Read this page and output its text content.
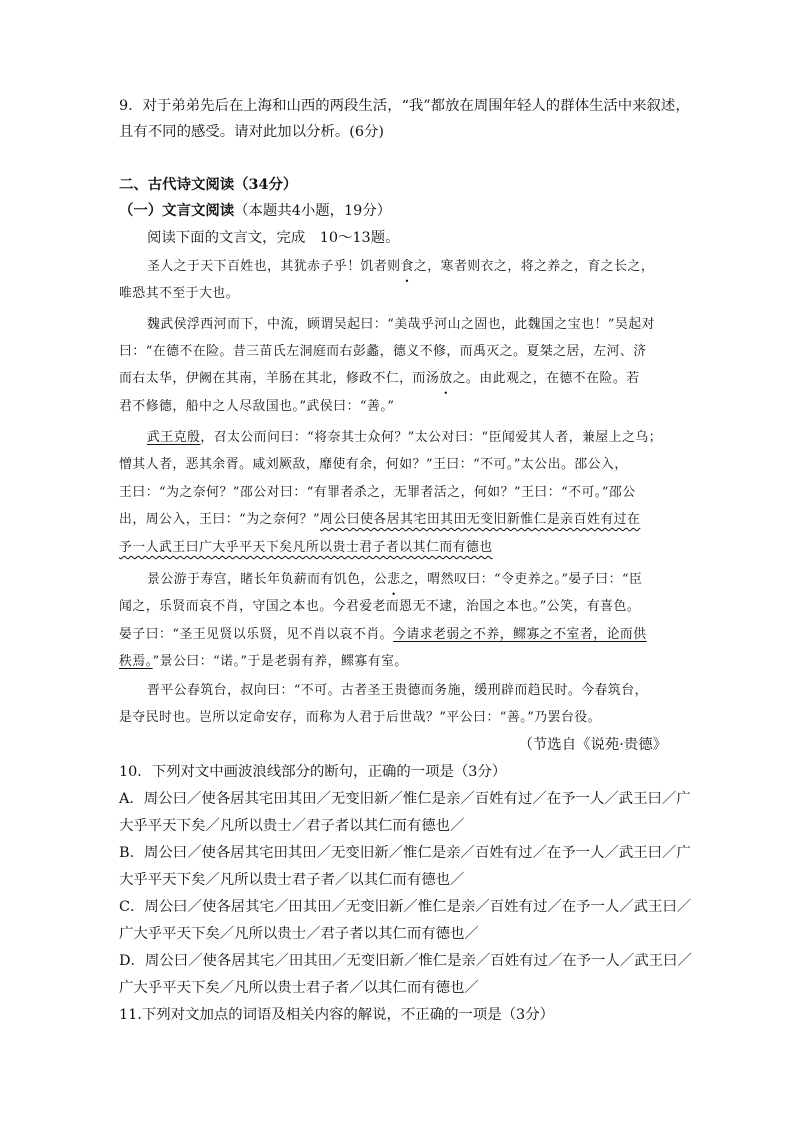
9．对于弟弟先后在上海和山西的两段生活，“我”都放在周围年轻人的群体生活中来叙述，
且有不同的感受。请对此加以分析。(6分)
二、古代诗文阅读（34分）
（一）文言文阅读（本题共4小题，19分）
阅读下面的文言文，完成　10～13题。
圣人之于天下百姓也，其犹赤子乎！饥者则食之，寒者则衣之，将之养之，育之长之，
唯恐其不至于大也。
魏武侯浮西河而下，中流，顾谓吴起曰：“美哉乎河山之固也，此魏国之宝也！”吴起对
曰：“在德不在险。昔三苗氏左洞庭而右彭蠡，德义不修，而禹灭之。夏桀之居，左河、济
而右太华，伊阙在其南，羊肠在其北，修政不仁，而汤放之。由此观之，在德不在险。若
君不修德，船中之人尽敌国也。”武侯曰：“善。”
武王克殷，召太公而问曰：“将奈其士众何？”太公对曰：“臣闻爱其人者，兼屋上之乌；
憎其人者，恶其余胥。咸刘厥敌，靡使有余，何如？”王曰：“不可。”太公出。邵公入，
王曰：“为之奈何？”邵公对曰：“有罪者杀之，无罪者活之，何如？”王曰：“不可。”邵公
出，周公入，王曰：“为之奈何？”周公曰使各居其宅田其田无变旧新惟仁是亲百姓有过在
予一人武王曰广大乎平天下矣凡所以贵士君子者以其仁而有德也
景公游于寿宫，睹长年负薪而有饥色，公悲之，喟然叹曰：“令吏养之。”晏子曰：“臣
闻之，乐贤而哀不肖，守国之本也。今君爱老而恩无不逮，治国之本也。”公笑，有喜色。
晏子曰：“圣王见贤以乐贤，见不肖以哀不肖。今请求老弱之不养，鳏寡之不室者，论而供
秩焉。”景公曰：“诺。”于是老弱有养，鳏寡有室。
晋平公春筑台，叔向曰：“不可。古者圣王贵德而务施，缓刑辟而趋民时。今春筑台，
是夺民时也。岂所以定命安存，而称为人君于后世哉？”平公曰：“善。”乃罢台役。
（节选自《说苑·贵德》
10．下列对文中画波浪线部分的断句，正确的一项是（3分）
A．周公曰／使各居其宅田其田／无变旧新／惟仁是亲／百姓有过／在予一人／武王曰／广
大乎平天下矣／凡所以贵士／君子者以其仁而有德也／
B．周公曰／使各居其宅田其田／无变旧新／惟仁是亲／百姓有过／在予一人／武王曰／广
大乎平天下矣／凡所以贵士君子者／以其仁而有德也／
C．周公曰／使各居其宅／田其田／无变旧新／惟仁是亲／百姓有过／在予一人／武王曰／
广大乎平天下矣／凡所以贵士／君子者以其仁而有德也／
D．周公曰／使各居其宅／田其田／无变旧新／惟仁是亲／百姓有过／在予一人／武王曰／
广大乎平天下矣／凡所以贵士君子者／以其仁而有德也／
11.下列对文加点的词语及相关内容的解说，不正确的一项是（3分）
